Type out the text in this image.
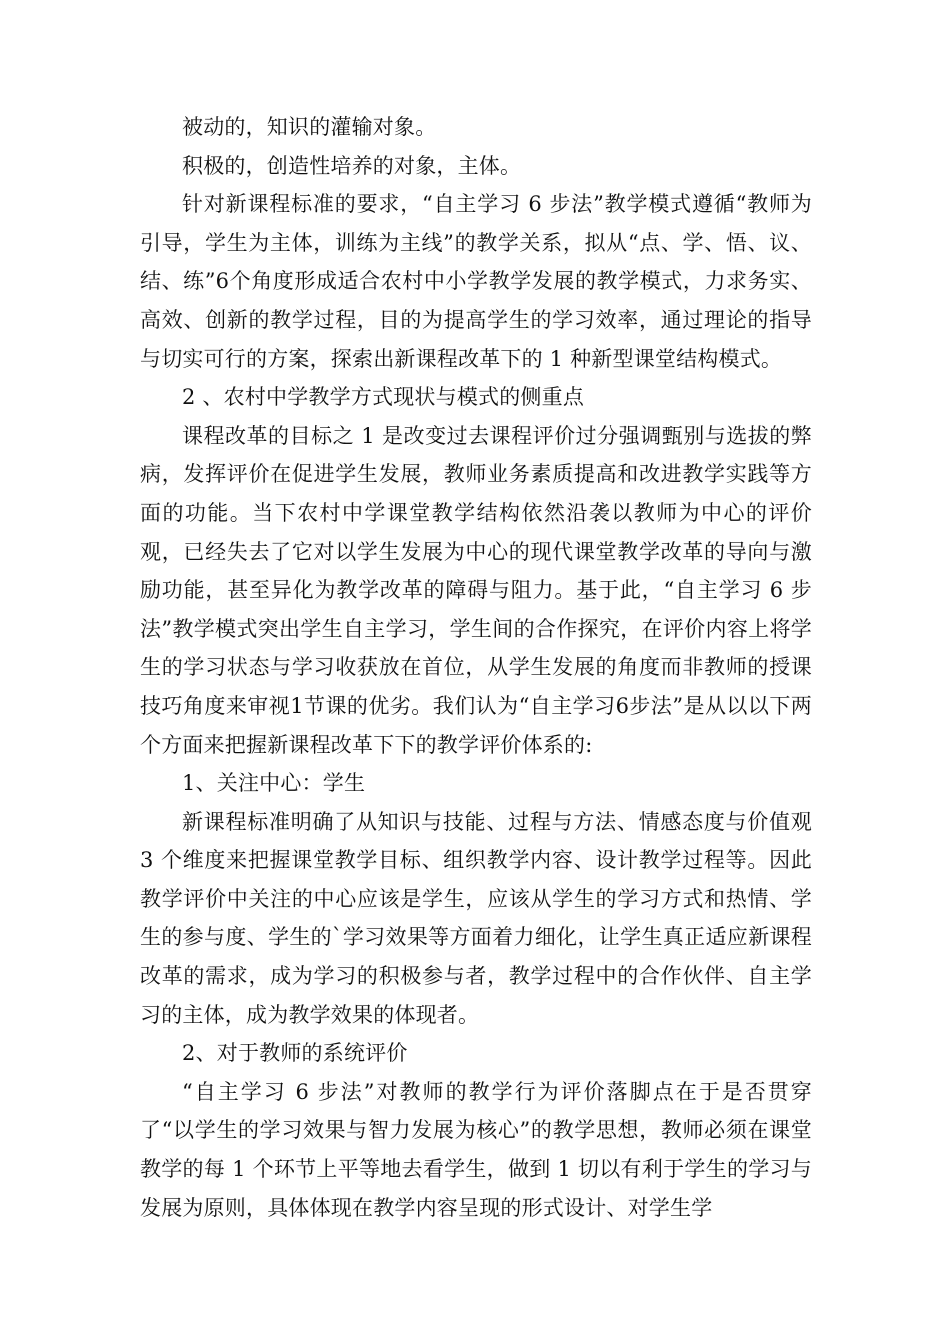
被动的，知识的灌输对象。

积极的，创造性培养的对象，主体。

针对新课程标准的要求，“自主学习 6 步法”教学模式遵循“教师为引导，学生为主体，训练为主线”的教学关系，拟从“点、学、悟、议、结、练”6个角度形成适合农村中小学教学发展的教学模式，力求务实、高效、创新的教学过程，目的为提高学生的学习效率，通过理论的指导与切实可行的方案，探索出新课程改革下的 1 种新型课堂结构模式。

2 、农村中学教学方式现状与模式的侧重点

课程改革的目标之 1 是改变过去课程评价过分强调甄别与选拔的弊病，发挥评价在促进学生发展，教师业务素质提高和改进教学实践等方面的功能。当下农村中学课堂教学结构依然沿袭以教师为中心的评价观，已经失去了它对以学生发展为中心的现代课堂教学改革的导向与激励功能，甚至异化为教学改革的障碍与阻力。基于此，“自主学习 6 步法”教学模式突出学生自主学习，学生间的合作探究，在评价内容上将学生的学习状态与学习收获放在首位，从学生发展的角度而非教师的授课技巧角度来审视1节课的优劣。我们认为“自主学习6步法”是从以以下两个方面来把握新课程改革下下的教学评价体系的:

1、关注中心：学生

新课程标准明确了从知识与技能、过程与方法、情感态度与价值观 3 个维度来把握课堂教学目标、组织教学内容、设计教学过程等。因此教学评价中关注的中心应该是学生，应该从学生的学习方式和热情、学生的参与度、学生的`学习效果等方面着力细化，让学生真正适应新课程改革的需求，成为学习的积极参与者，教学过程中的合作伙伴、自主学习的主体，成为教学效果的体现者。

2、对于教师的系统评价

“自主学习 6 步法”对教师的教学行为评价落脚点在于是否贯穿了“以学生的学习效果与智力发展为核心”的教学思想，教师必须在课堂教学的每 1 个环节上平等地去看学生，做到 1 切以有利于学生的学习与发展为原则，具体体现在教学内容呈现的形式设计、对学生学
